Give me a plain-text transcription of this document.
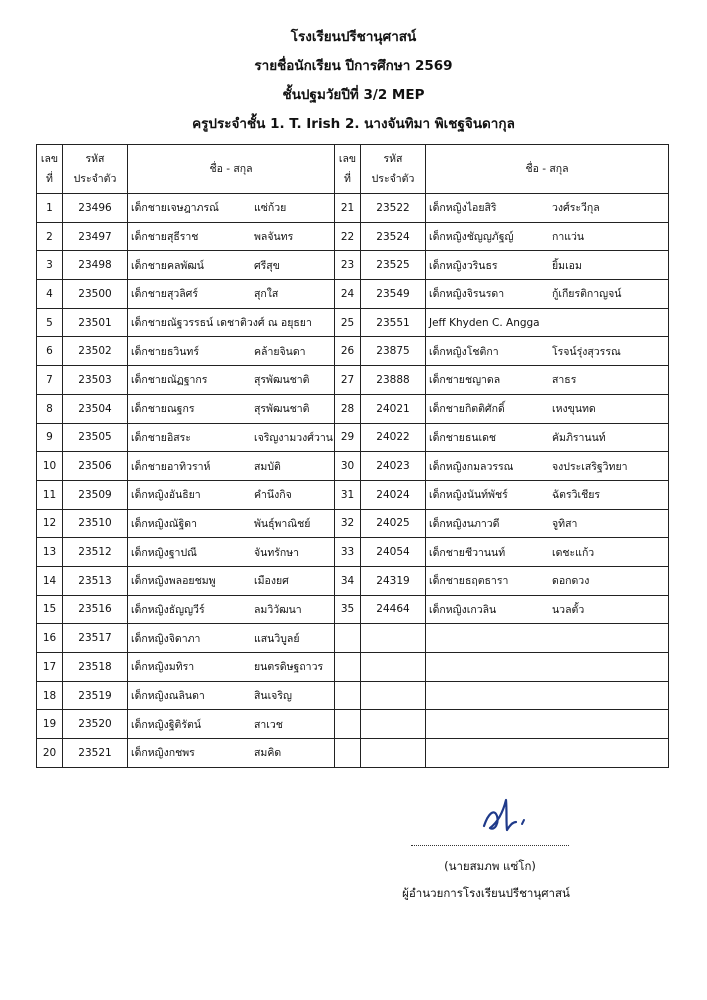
โรงเรียนปรีชานุศาสน์
รายชื่อนักเรียน ปีการศึกษา 2569
ชั้นปฐมวัยปีที่ 3/2 MEP
ครูประจำชั้น 1. T. Irish 2. นางจันทิมา พิเชฐจินดากุล
เลข
ที่	รหัส
ประจำตัว	ชื่อ - สกุล	เลข
ที่	รหัส
ประจำตัว	ชื่อ - สกุล
1	23496	เด็กชายเจษฎาภรณ์ แซ่ก้วย	21	23522	เด็กหญิงไอยสิริ วงศ์ระวีกุล

2	23497	เด็กชายสุธีราช พลจันทร	22	23524	เด็กหญิงชัญญภัฐญ์ กาแว่น

3	23498	เด็กชายคลพัฒน์ ศรีสุข	23	23525	เด็กหญิงวรินธร ยิ้มเอม

4	23500	เด็กชายสุวลิศร์ สุกใส	24	23549	เด็กหญิงจิรนรดา กู้เกียรติกาญจน์

5	23501	เด็กชายณัฐวรรธน์ เดชาติวงศ์ ณ อยุธยา	25	23551	Jeff Khyden C. Angga

6	23502	เด็กชายธวินทร์ คล้ายจินดา	26	23875	เด็กหญิงโชติกา โรจน์รุ่งสุวรรณ

7	23503	เด็กชายณัฏฐากร สุรพัฒนชาติ	27	23888	เด็กชายชญาดล สาธร

8	23504	เด็กชายณฐกร สุรพัฒนชาติ	28	24021	เด็กชายกิตติศักดิ์ เหงขุนทด

9	23505	เด็กชายอิสระ เจริญงามวงศ์วาน	29	24022	เด็กชายธนเดช คัมภิรานนท์

10	23506	เด็กชายอาทิวราห์ สมบัติ	30	24023	เด็กหญิงกมลวรรณ จงประเสริฐวิทยา

11	23509	เด็กหญิงอันธิยา คำนึงกิจ	31	24024	เด็กหญิงนันท์พัชร์ ฉัตรวิเชียร

12	23510	เด็กหญิงณัฐิดา พันธุ์พาณิชย์	32	24025	เด็กหญิงนภาวดี จูทิสา

13	23512	เด็กหญิงฐาปณี จันทรักษา	33	24054	เด็กชายชีวานนท์ เดชะแก้ว

14	23513	เด็กหญิงพลอยชมพู เมืองยศ	34	24319	เด็กชายธฤตธารา ดอกดวง

15	23516	เด็กหญิงธัญญวีร์ ลมวิวัฒนา	35	24464	เด็กหญิงเกวลิน นวลตั้ว

16	23517	เด็กหญิงจิดาภา แสนวิบูลย์			

17	23518	เด็กหญิงมทิรา ยนตรดิษฐถาวร			

18	23519	เด็กหญิงณลินดา สินเจริญ			

19	23520	เด็กหญิงฐิติรัตน์ สาเวช			

20	23521	เด็กหญิงกชพร สมคิด			

(นายสมภพ แซ่โก)
ผู้อำนวยการโรงเรียนปรีชานุศาสน์
